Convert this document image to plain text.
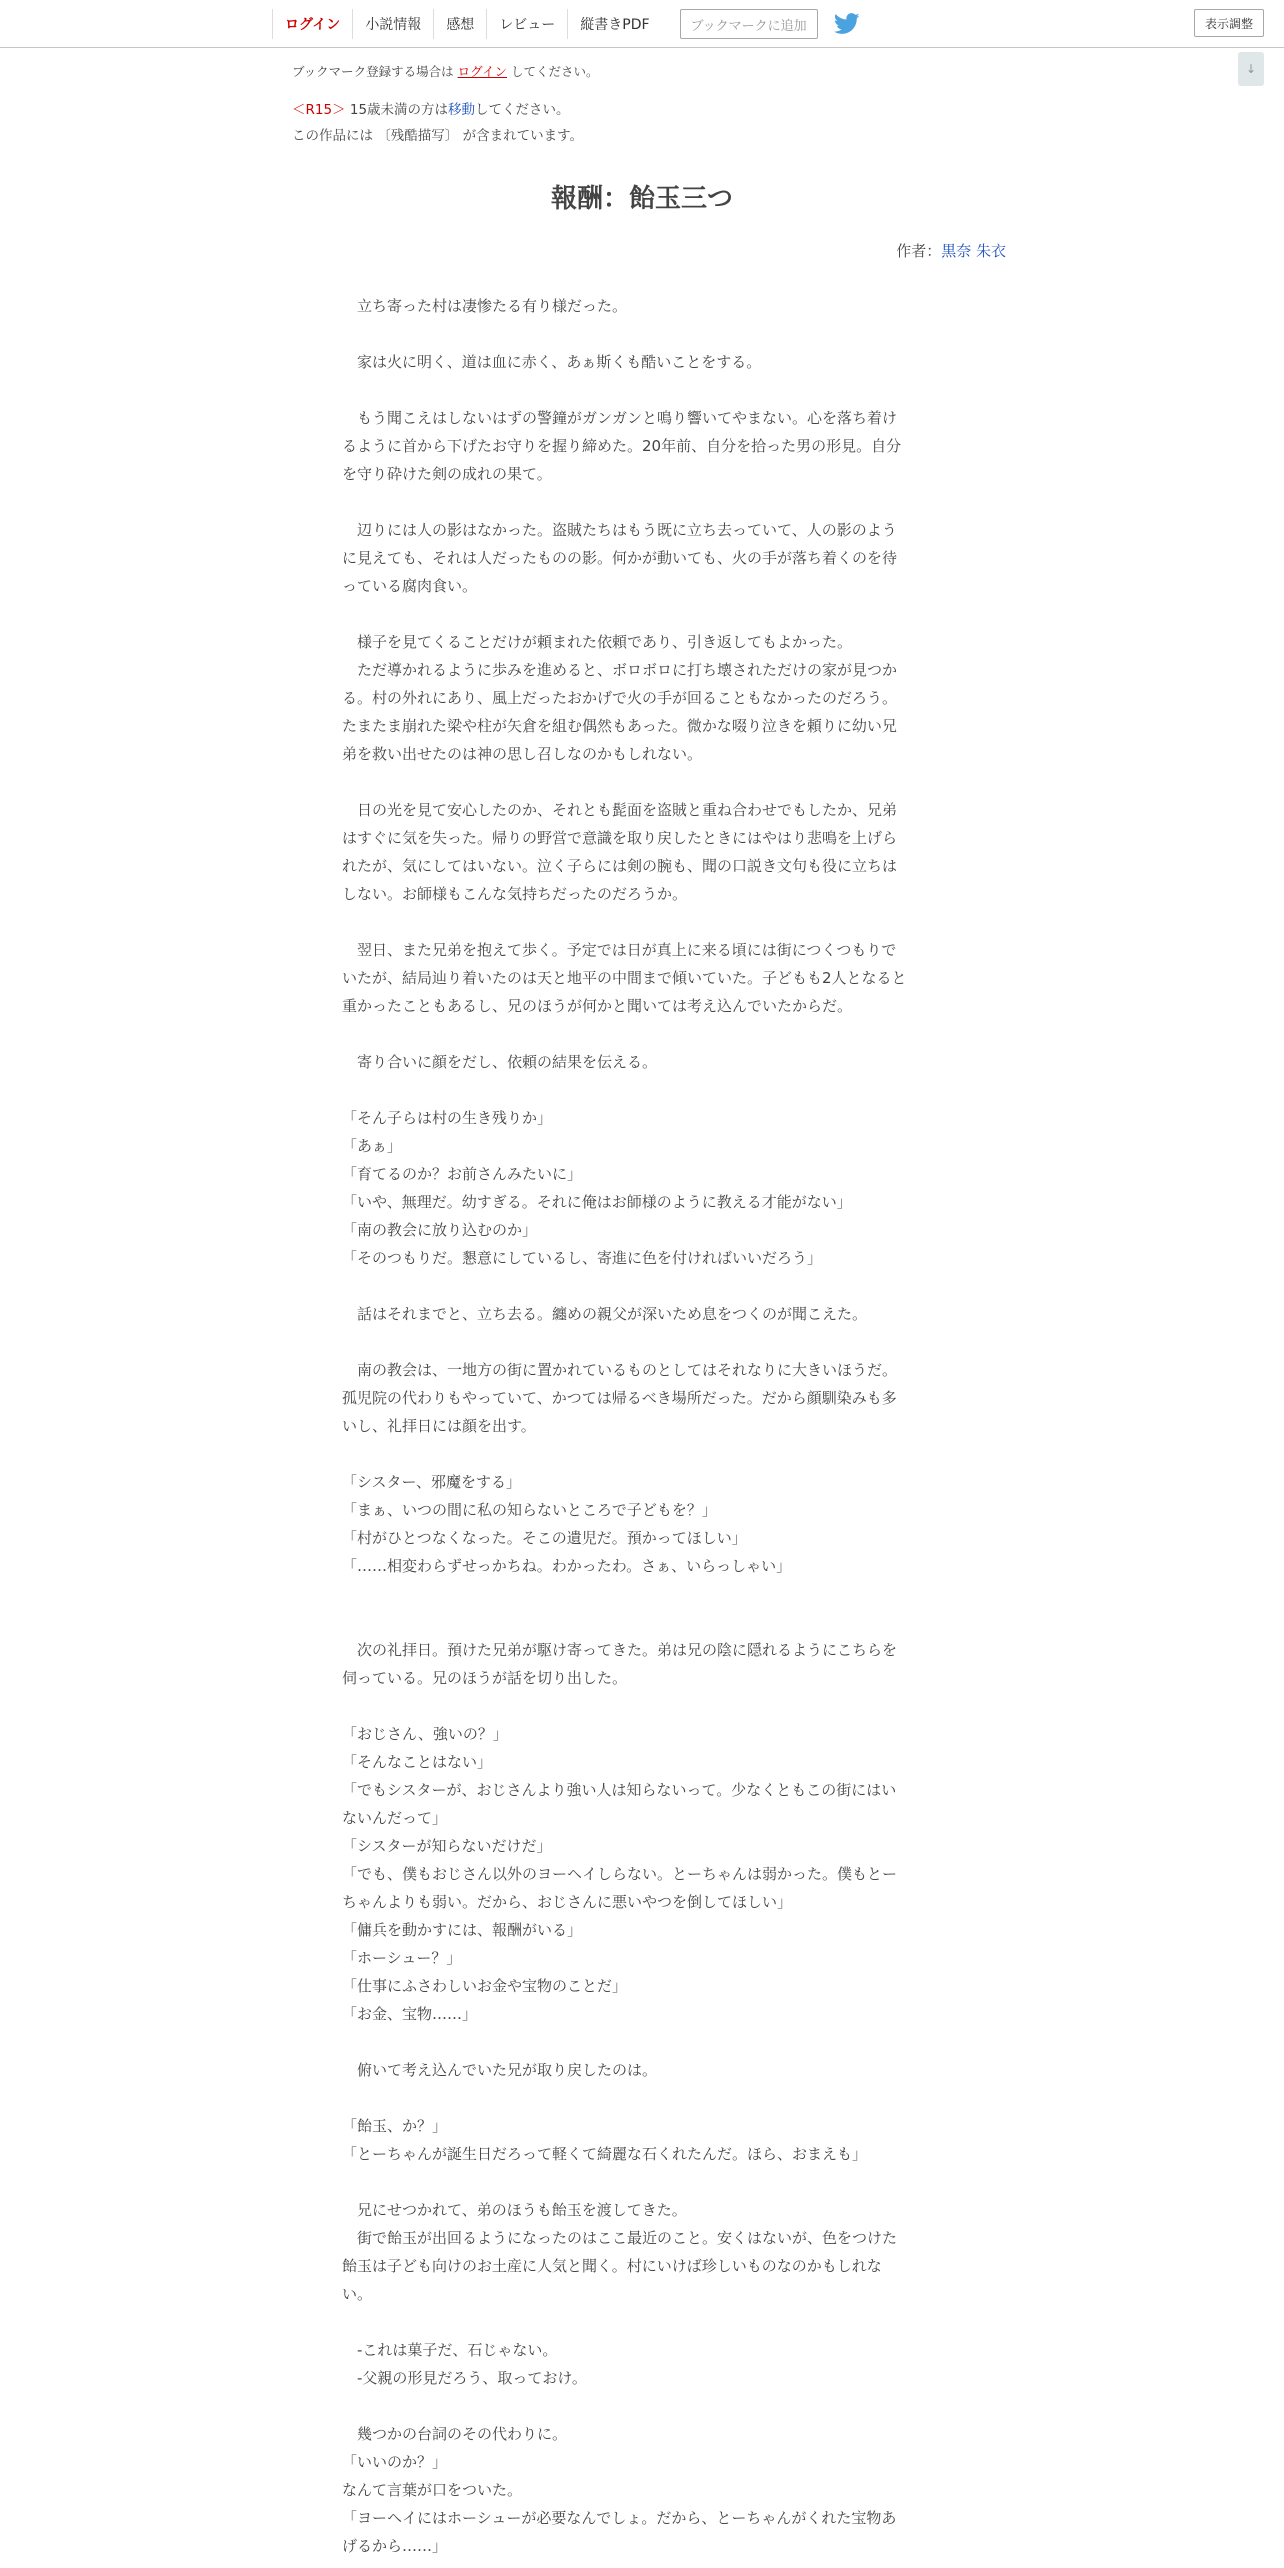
ログイン	小説情報	感想	レビュー	縦書きPDF	ブックマークに追加	表示調整
↓
ブックマーク登録する場合は ログイン してください。
＜R15＞ 15歳未満の方は移動してください。
この作品には 〔残酷描写〕 が含まれています。
報酬：飴玉三つ
作者：黒奈 朱衣

　立ち寄った村は凄惨たる有り様だった。

　家は火に明く、道は血に赤く、あぁ斯くも酷いことをする。

　もう聞こえはしないはずの警鐘がガンガンと鳴り響いてやまない。心を落ち着け

るように首から下げたお守りを握り締めた。20年前、自分を拾った男の形見。自分

を守り砕けた剣の成れの果て。

　辺りには人の影はなかった。盗賊たちはもう既に立ち去っていて、人の影のよう

に見えても、それは人だったものの影。何かが動いても、火の手が落ち着くのを待

っている腐肉食い。

　様子を見てくることだけが頼まれた依頼であり、引き返してもよかった。

　ただ導かれるように歩みを進めると、ボロボロに打ち壊されただけの家が見つか

る。村の外れにあり、風上だったおかげで火の手が回ることもなかったのだろう。

たまたま崩れた梁や柱が矢倉を組む偶然もあった。微かな啜り泣きを頼りに幼い兄

弟を救い出せたのは神の思し召しなのかもしれない。

　日の光を見て安心したのか、それとも髭面を盗賊と重ね合わせでもしたか、兄弟

はすぐに気を失った。帰りの野営で意識を取り戻したときにはやはり悲鳴を上げら

れたが、気にしてはいない。泣く子らには剣の腕も、聞の口説き文句も役に立ちは

しない。お師様もこんな気持ちだったのだろうか。

　翌日、また兄弟を抱えて歩く。予定では日が真上に来る頃には街につくつもりで

いたが、結局辿り着いたのは天と地平の中間まで傾いていた。子どもも2人となると

重かったこともあるし、兄のほうが何かと聞いては考え込んでいたからだ。

　寄り合いに顔をだし、依頼の結果を伝える。

「そん子らは村の生き残りか」

「あぁ」

「育てるのか？お前さんみたいに」

「いや、無理だ。幼すぎる。それに俺はお師様のように教える才能がない」

「南の教会に放り込むのか」

「そのつもりだ。懇意にしているし、寄進に色を付ければいいだろう」

　話はそれまでと、立ち去る。纏めの親父が深いため息をつくのが聞こえた。

　南の教会は、一地方の街に置かれているものとしてはそれなりに大きいほうだ。

孤児院の代わりもやっていて、かつては帰るべき場所だった。だから顔馴染みも多

いし、礼拝日には顔を出す。

「シスター、邪魔をする」

「まぁ、いつの間に私の知らないところで子どもを？」

「村がひとつなくなった。そこの遺児だ。預かってほしい」

「……相変わらずせっかちね。わかったわ。さぁ、いらっしゃい」

　次の礼拝日。預けた兄弟が駆け寄ってきた。弟は兄の陰に隠れるようにこちらを

伺っている。兄のほうが話を切り出した。

「おじさん、強いの？」

「そんなことはない」

「でもシスターが、おじさんより強い人は知らないって。少なくともこの街にはい

ないんだって」

「シスターが知らないだけだ」

「でも、僕もおじさん以外のヨーヘイしらない。とーちゃんは弱かった。僕もとー

ちゃんよりも弱い。だから、おじさんに悪いやつを倒してほしい」

「傭兵を動かすには、報酬がいる」

「ホーシュー？」

「仕事にふさわしいお金や宝物のことだ」

「お金、宝物……」

　俯いて考え込んでいた兄が取り戻したのは。

「飴玉、か？」

「とーちゃんが誕生日だろって軽くて綺麗な石くれたんだ。ほら、おまえも」

　兄にせつかれて、弟のほうも飴玉を渡してきた。

　街で飴玉が出回るようになったのはここ最近のこと。安くはないが、色をつけた

飴玉は子ども向けのお土産に人気と聞く。村にいけば珍しいものなのかもしれな

い。

　-これは菓子だ、石じゃない。

　-父親の形見だろう、取っておけ。

　幾つかの台詞のその代わりに。

「いいのか？」

なんて言葉が口をついた。

「ヨーヘイにはホーシューが必要なんでしょ。だから、とーちゃんがくれた宝物あ

げるから……」
